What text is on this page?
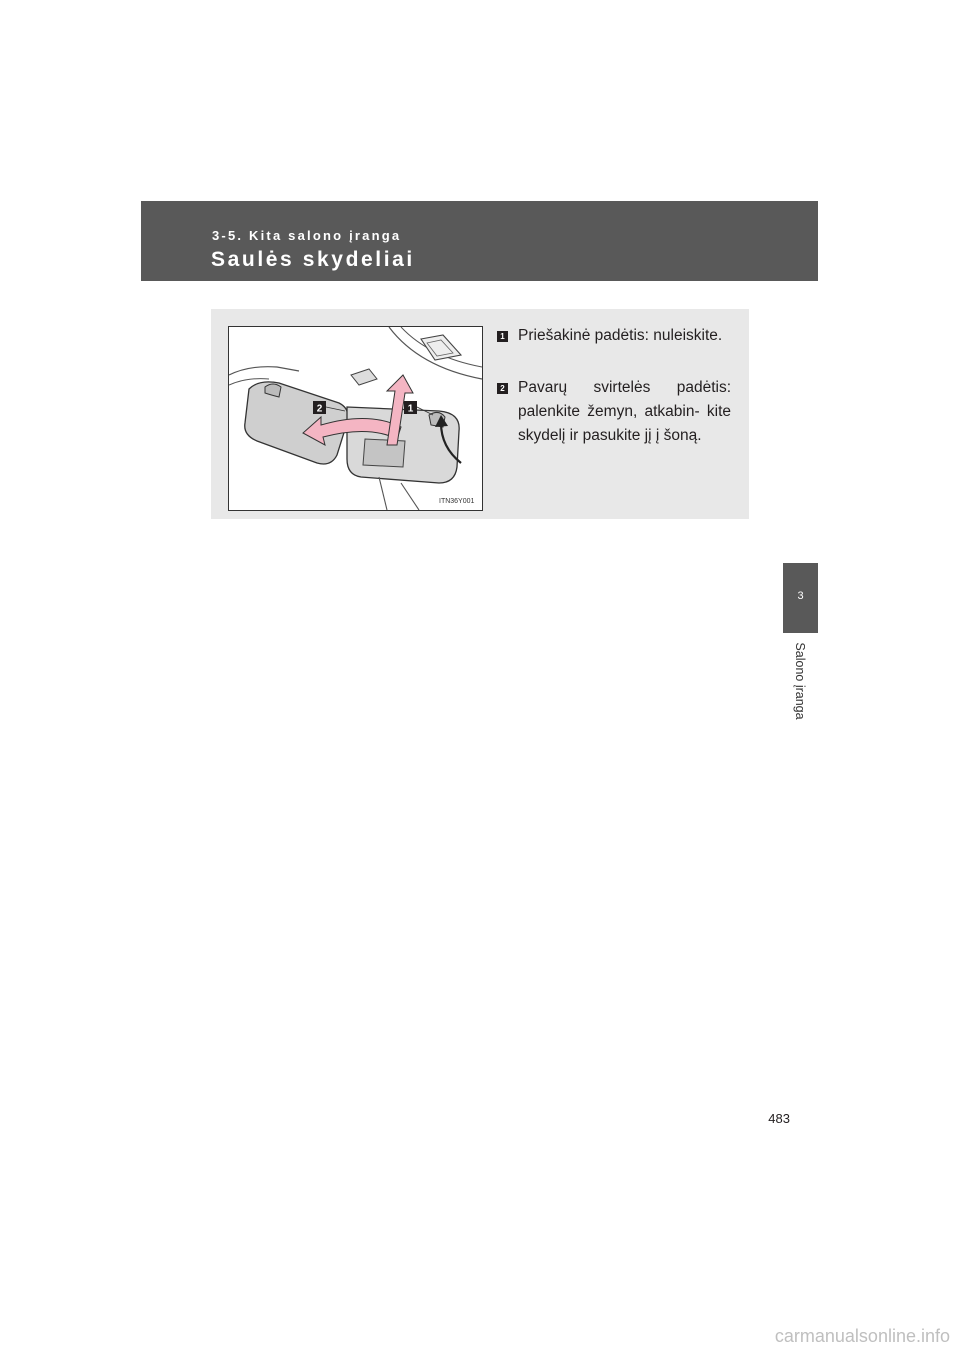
3-5. Kita salono įranga
Saulės skydeliai
2	1
ITN36Y001
1 Priešakinė padėtis: nuleiskite.
2 Pavarų svirtelės padėtis: palenkite žemyn, atkabin- kite skydelį ir pasukite jį į šoną.
3
Salono įranga
483
carmanualsonline.info
